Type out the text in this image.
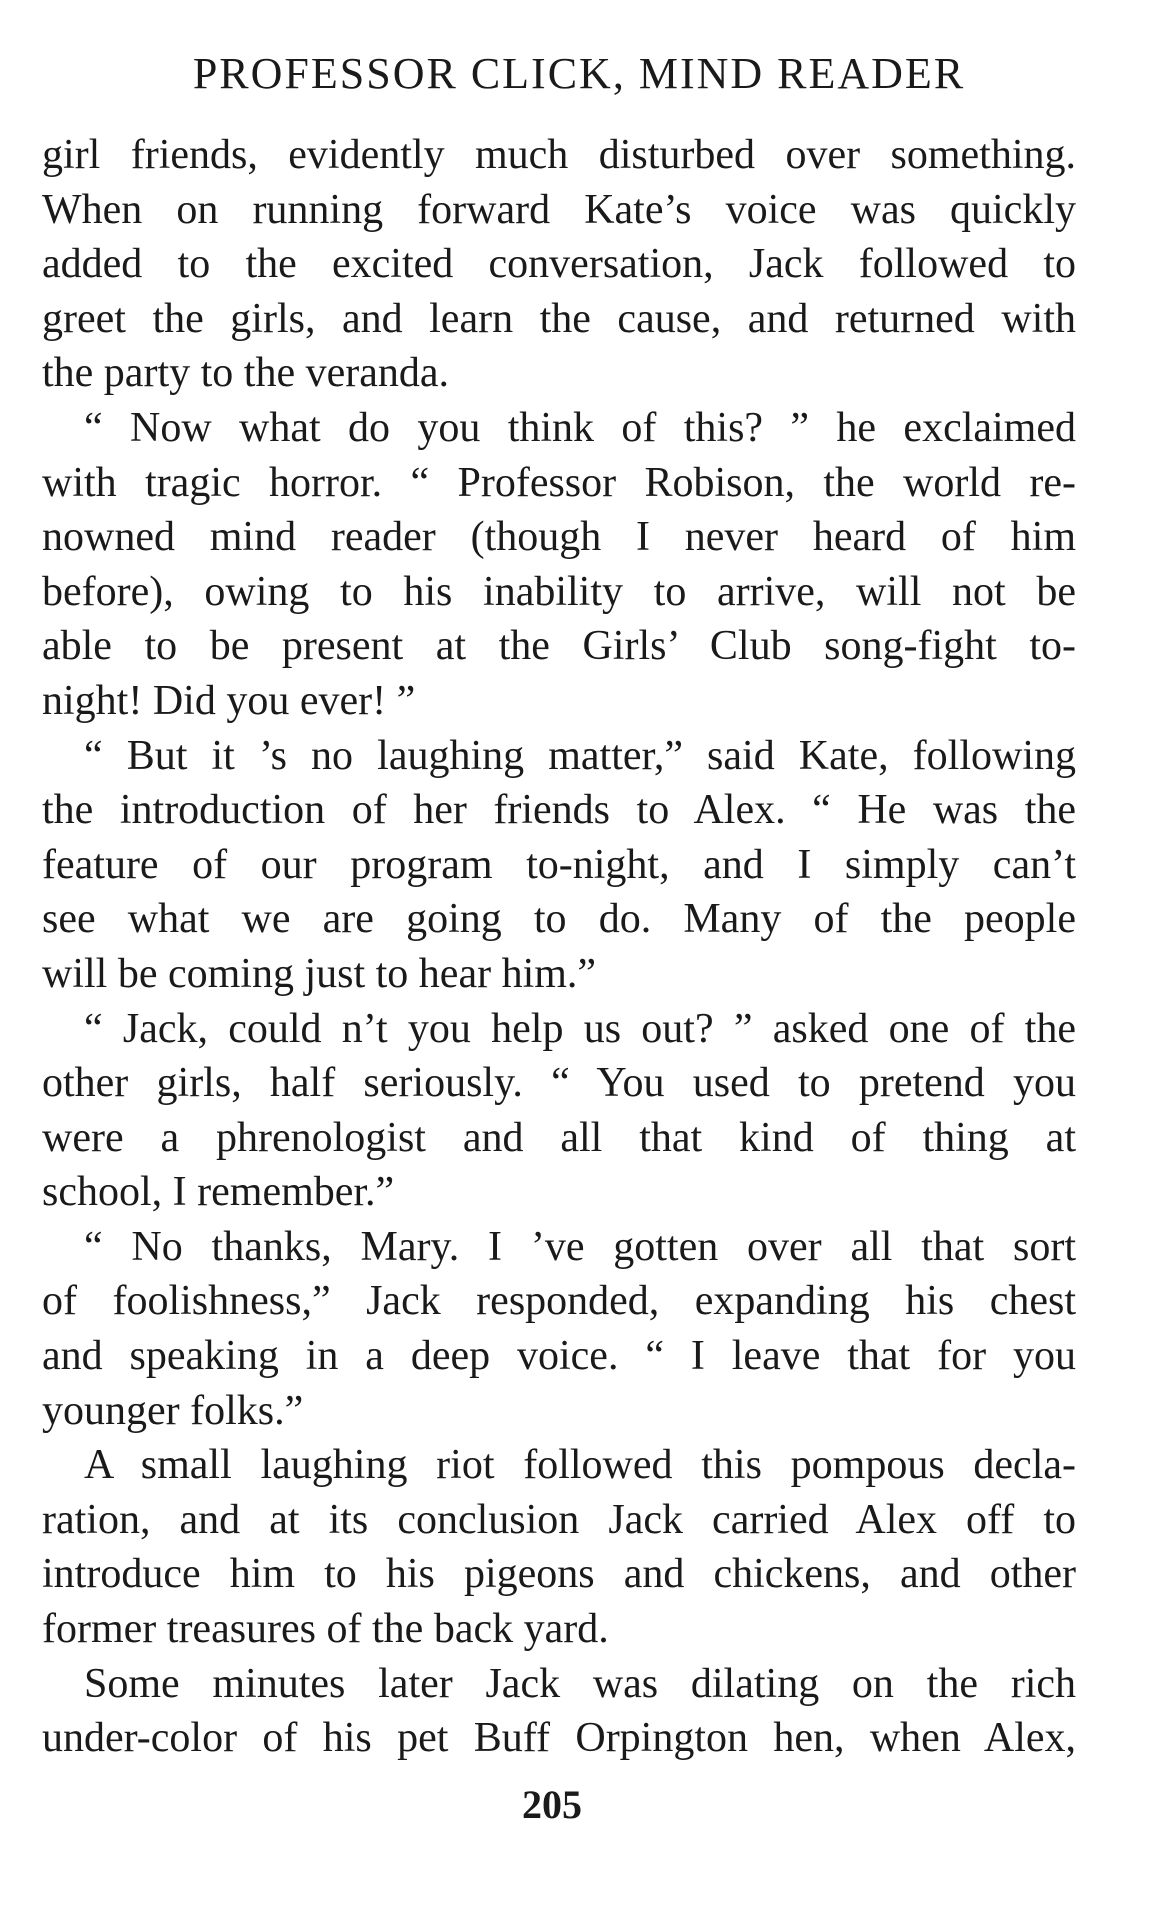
PROFESSOR CLICK, MIND READER
girl friends, evidently much disturbed over something.
When on running forward Kate’s voice was quickly
added to the excited conversation, Jack followed to
greet the girls, and learn the cause, and returned with
the party to the veranda.
“ Now what do you think of this? ” he exclaimed
with tragic horror. “ Professor Robison, the world re-
nowned mind reader (though I never heard of him
before), owing to his inability to arrive, will not be
able to be present at the Girls’ Club song-fight to-
night! Did you ever! ”
“ But it ’s no laughing matter,” said Kate, following
the introduction of her friends to Alex. “ He was the
feature of our program to-night, and I simply can’t
see what we are going to do. Many of the people
will be coming just to hear him.”
“ Jack, could n’t you help us out? ” asked one of the
other girls, half seriously. “ You used to pretend you
were a phrenologist and all that kind of thing at
school, I remember.”
“ No thanks, Mary. I ’ve gotten over all that sort
of foolishness,” Jack responded, expanding his chest
and speaking in a deep voice. “ I leave that for you
younger folks.”
A small laughing riot followed this pompous decla-
ration, and at its conclusion Jack carried Alex off to
introduce him to his pigeons and chickens, and other
former treasures of the back yard.
Some minutes later Jack was dilating on the rich
under-color of his pet Buff Orpington hen, when Alex,
205
